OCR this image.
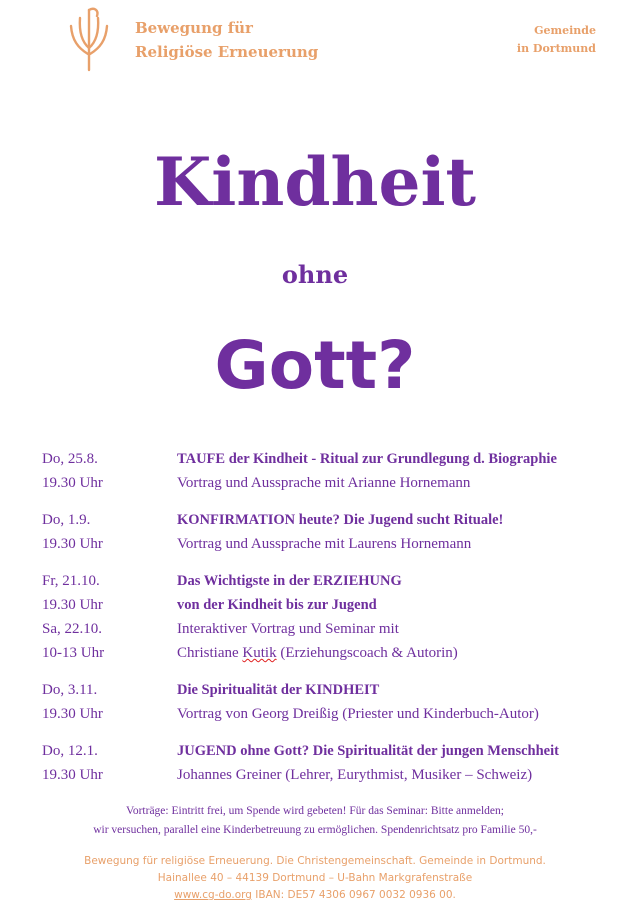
Bewegung für
Religiöse Erneuerung
Gemeinde
in Dortmund
Kindheit
ohne
Gott?
Do, 25.8.	TAUFE der Kindheit - Ritual zur Grundlegung d. Biographie
19.30 Uhr	Vortrag und Aussprache mit Arianne Hornemann
Do, 1.9.	KONFIRMATION heute? Die Jugend sucht Rituale!
19.30 Uhr	Vortrag und Aussprache mit Laurens Hornemann
Fr, 21.10.	Das Wichtigste in der ERZIEHUNG
19.30 Uhr	von der Kindheit bis zur Jugend
Sa, 22.10.	Interaktiver Vortrag und Seminar mit
10-13 Uhr	Christiane Kutik (Erziehungscoach & Autorin)
Do, 3.11.	Die Spiritualität der KINDHEIT
19.30 Uhr	Vortrag von Georg Dreißig (Priester und Kinderbuch-Autor)
Do, 12.1.	JUGEND ohne Gott? Die Spiritualität der jungen Menschheit
19.30 Uhr	Johannes Greiner (Lehrer, Eurythmist, Musiker – Schweiz)
Vorträge: Eintritt frei, um Spende wird gebeten! Für das Seminar: Bitte anmelden;
wir versuchen, parallel eine Kinderbetreuung zu ermöglichen. Spendenrichtsatz pro Familie 50,-
Bewegung für religiöse Erneuerung. Die Christengemeinschaft. Gemeinde in Dortmund.
Hainallee 40 – 44139 Dortmund – U-Bahn Markgrafenstraße
www.cg-do.org IBAN: DE57 4306 0967 0032 0936 00.
